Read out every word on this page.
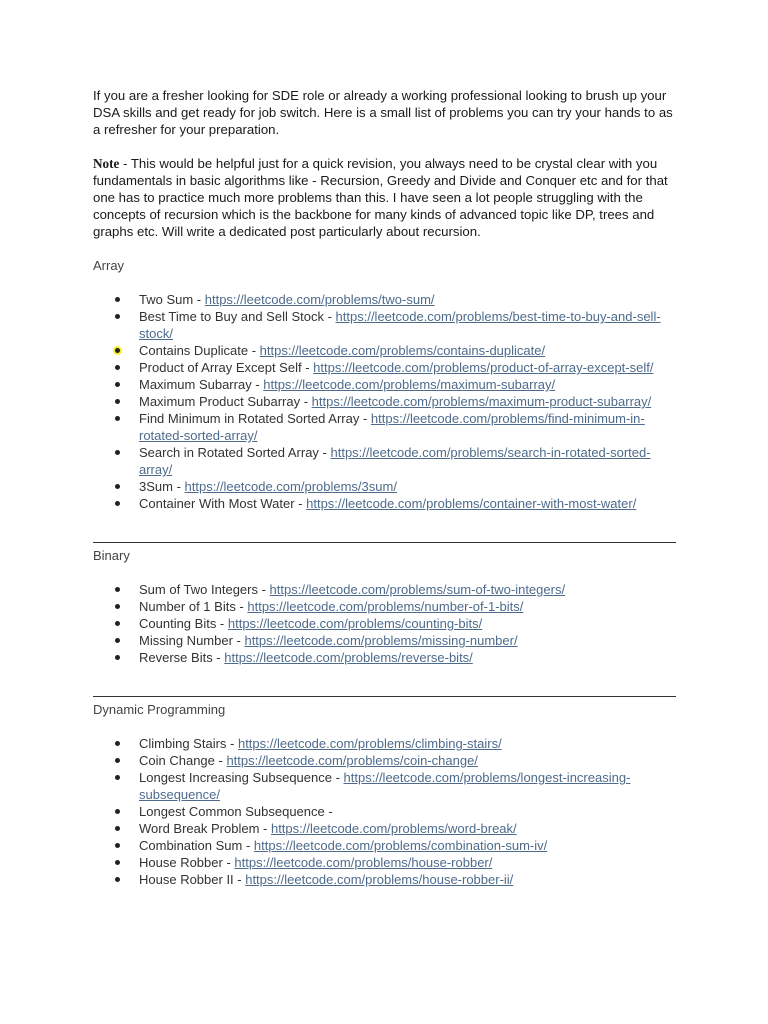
If you are a fresher looking for SDE role or already a working professional looking to brush up your DSA skills and get ready for job switch. Here is a small list of problems you can try your hands to as a refresher for your preparation.

Note - This would be helpful just for a quick revision, you always need to be crystal clear with you fundamentals in basic algorithms like - Recursion, Greedy and Divide and Conquer etc and for that one has to practice much more problems than this. I have seen a lot people struggling with the concepts of recursion which is the backbone for many kinds of advanced topic like DP, trees and graphs etc. Will write a dedicated post particularly about recursion.

Array
Two Sum - https://leetcode.com/problems/two-sum/
Best Time to Buy and Sell Stock - https://leetcode.com/problems/best-time-to-buy-and-sell-stock/
Contains Duplicate - https://leetcode.com/problems/contains-duplicate/
Product of Array Except Self - https://leetcode.com/problems/product-of-array-except-self/
Maximum Subarray - https://leetcode.com/problems/maximum-subarray/
Maximum Product Subarray - https://leetcode.com/problems/maximum-product-subarray/
Find Minimum in Rotated Sorted Array - https://leetcode.com/problems/find-minimum-in-rotated-sorted-array/
Search in Rotated Sorted Array - https://leetcode.com/problems/search-in-rotated-sorted-array/
3Sum - https://leetcode.com/problems/3sum/
Container With Most Water - https://leetcode.com/problems/container-with-most-water/
Binary
Sum of Two Integers - https://leetcode.com/problems/sum-of-two-integers/
Number of 1 Bits - https://leetcode.com/problems/number-of-1-bits/
Counting Bits - https://leetcode.com/problems/counting-bits/
Missing Number - https://leetcode.com/problems/missing-number/
Reverse Bits - https://leetcode.com/problems/reverse-bits/
Dynamic Programming
Climbing Stairs - https://leetcode.com/problems/climbing-stairs/
Coin Change - https://leetcode.com/problems/coin-change/
Longest Increasing Subsequence - https://leetcode.com/problems/longest-increasing-subsequence/
Longest Common Subsequence -
Word Break Problem - https://leetcode.com/problems/word-break/
Combination Sum - https://leetcode.com/problems/combination-sum-iv/
House Robber - https://leetcode.com/problems/house-robber/
House Robber II - https://leetcode.com/problems/house-robber-ii/
